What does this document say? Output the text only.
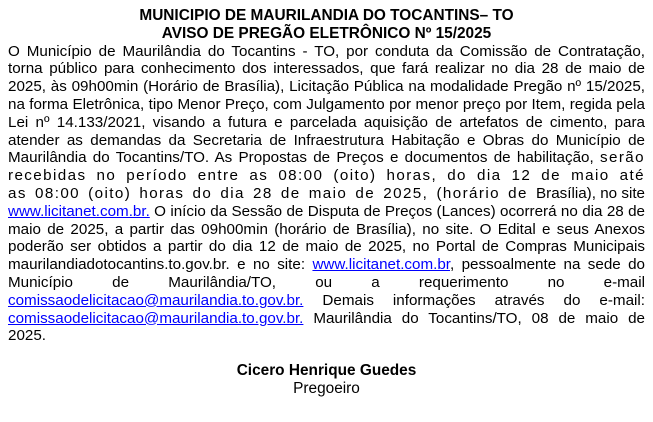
MUNICIPIO DE MAURILANDIA DO TOCANTINS– TO
AVISO DE PREGÃO ELETRÔNICO Nº 15/2025

O Município de Maurilândia do Tocantins - TO, por conduta da Comissão de Contratação, torna público para conhecimento dos interessados, que fará realizar no dia 28 de maio de 2025, às 09h00min (Horário de Brasília), Licitação Pública na modalidade Pregão nº 15/2025, na forma Eletrônica, tipo Menor Preço, com Julgamento por menor preço por Item, regida pela Lei nº 14.133/2021, visando a futura e parcelada aquisição de artefatos de cimento, para atender as demandas da Secretaria de Infraestrutura Habitação e Obras do Município de Maurilândia do Tocantins/TO. As Propostas de Preços e documentos de habilitação, serão recebidas no período entre as 08:00 (oito) horas, do dia 12 de maio até as 08:00 (oito) horas do dia 28 de maio de 2025, (horário de Brasília), no site www.licitanet.com.br. O início da Sessão de Disputa de Preços (Lances) ocorrerá no dia 28 de maio de 2025, a partir das 09h00min (horário de Brasília), no site. O Edital e seus Anexos poderão ser obtidos a partir do dia 12 de maio de 2025, no Portal de Compras Municipais maurilandiadotocantins.to.gov.br. e no site: www.licitanet.com.br, pessoalmente na sede do Município de Maurilândia/TO, ou a requerimento no e-mail comissaodelicitacao@maurilandia.to.gov.br. Demais informações através do e-mail: comissaodelicitacao@maurilandia.to.gov.br. Maurilândia do Tocantins/TO, 08 de maio de 2025.

Cicero Henrique Guedes
Pregoeiro
